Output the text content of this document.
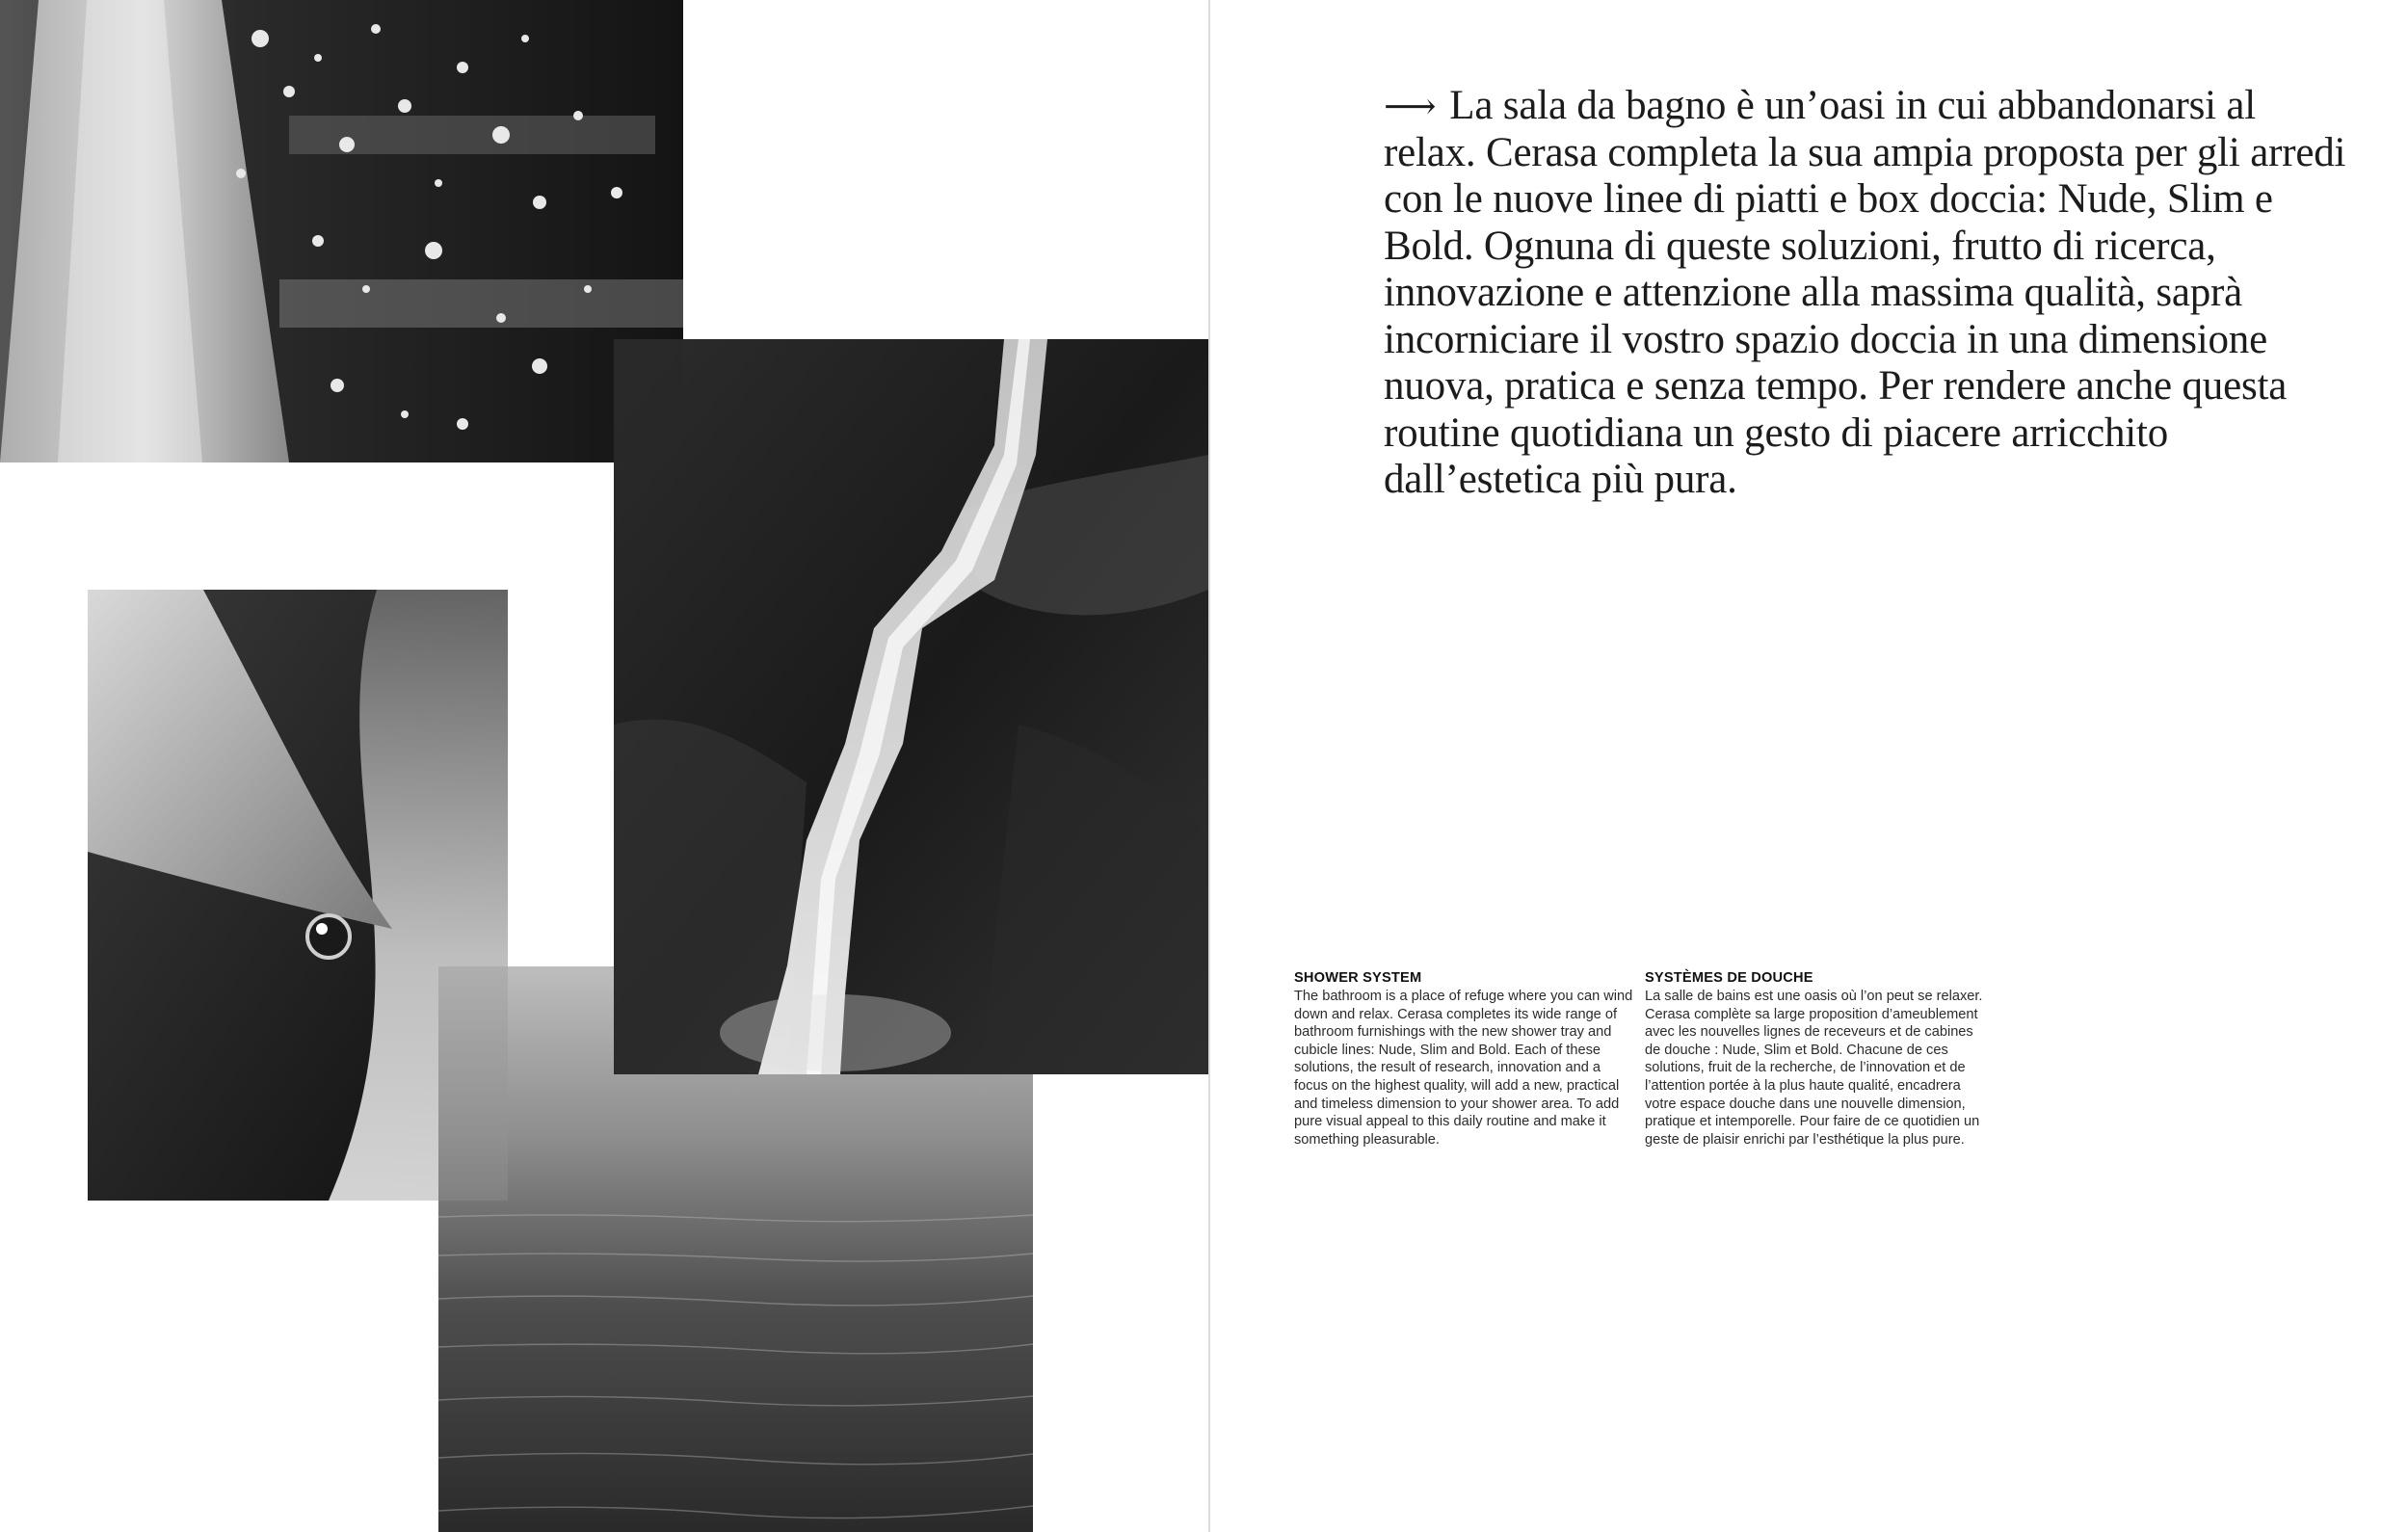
⟶ La sala da bagno è un’oasi in cui abbandonarsi al relax. Cerasa completa la sua ampia proposta per gli arredi con le nuove linee di piatti e box doccia: Nude, Slim e Bold. Ognuna di queste soluzioni, frutto di ricerca, innovazione e attenzione alla massima qualità, saprà incorniciare il vostro spazio doccia in una dimensione nuova, pratica e senza tempo. Per rendere anche questa routine quotidiana un gesto di piacere arricchito dall’estetica più pura.
SHOWER SYSTEM

The bathroom is a place of refuge where you can wind down and relax. Cerasa completes its wide range of bathroom furnishings with the new shower tray and cubicle lines: Nude, Slim and Bold. Each of these solutions, the result of research, innovation and a focus on the highest quality, will add a new, practical and timeless dimension to your shower area. To add pure visual appeal to this daily routine and make it something pleasurable.

SYSTÈMES DE DOUCHE

La salle de bains est une oasis où l’on peut se relaxer. Cerasa complète sa large proposition d’ameublement avec les nouvelles lignes de receveurs et de cabines de douche : Nude, Slim et Bold. Chacune de ces solutions, fruit de la recherche, de l’innovation et de l’attention portée à la plus haute qualité, encadrera votre espace douche dans une nouvelle dimension, pratique et intemporelle. Pour faire de ce quotidien un geste de plaisir enrichi par l’esthétique la plus pure.
